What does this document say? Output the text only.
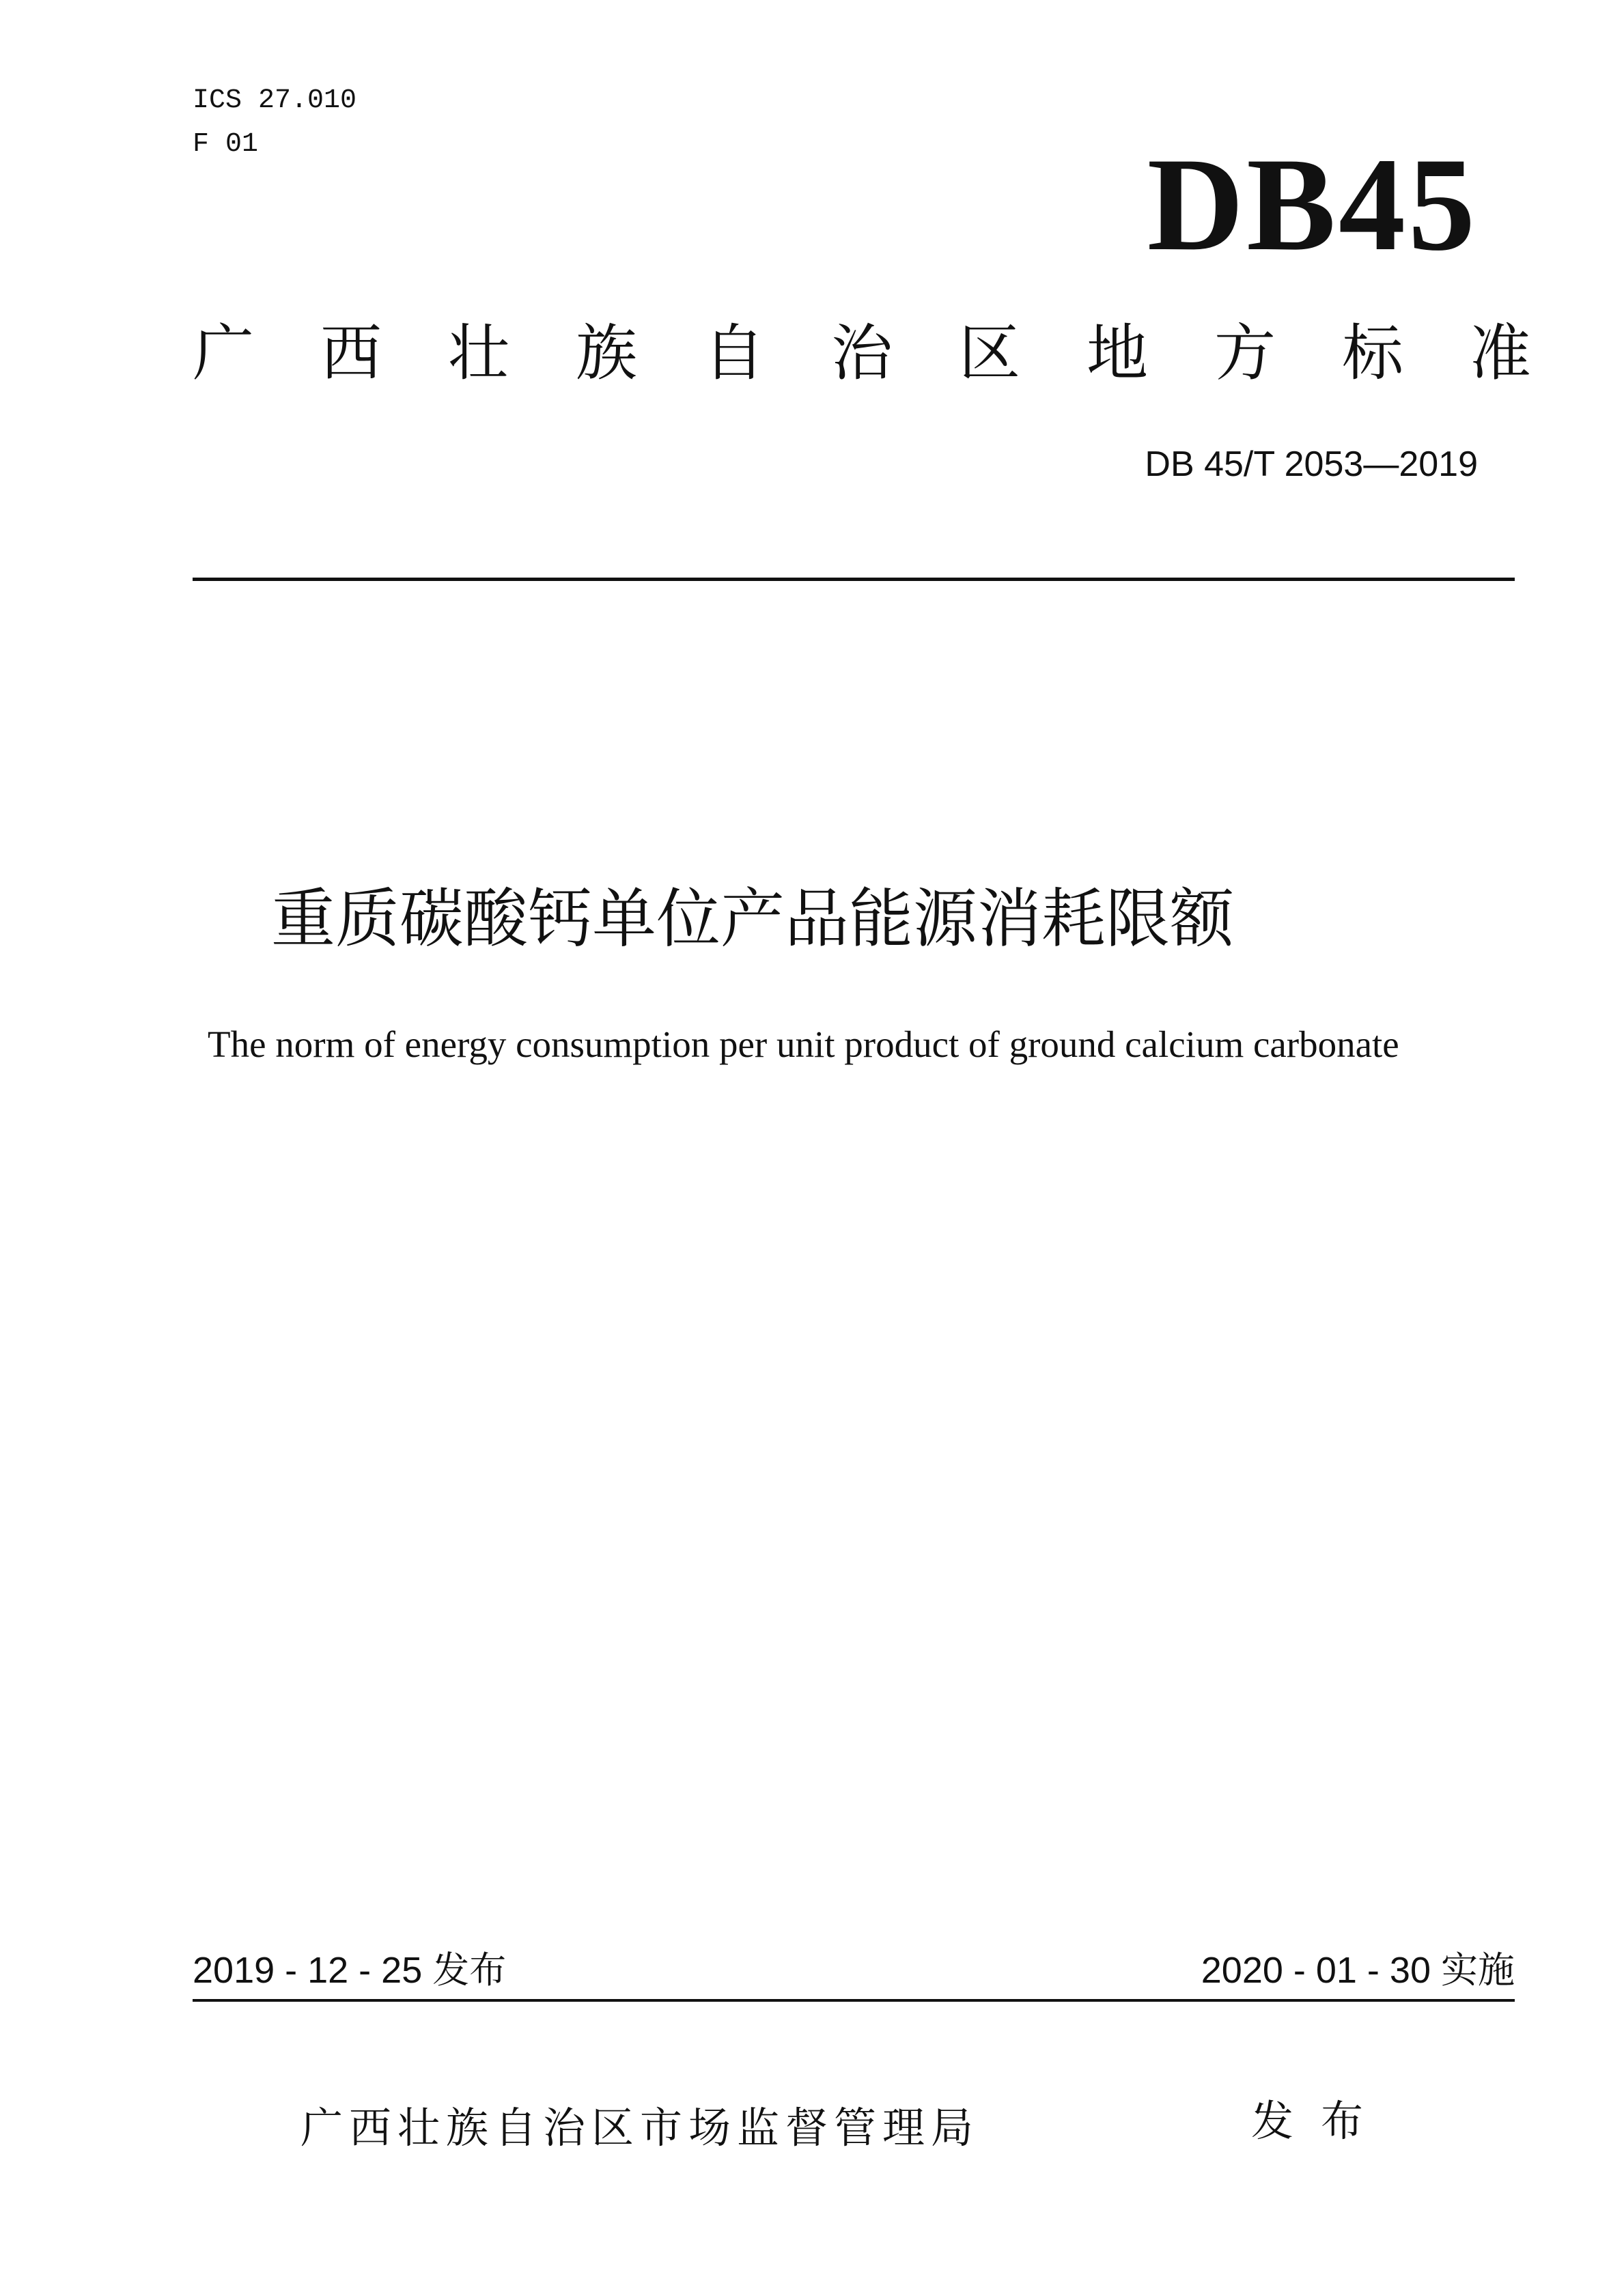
ICS 27.010
F 01	DB45
广 西 壮 族 自 治 区 地 方 标 准
DB 45/T 2053—2019
重质碳酸钙单位产品能源消耗限额
The norm of energy consumption per unit product of ground calcium carbonate
2019 - 12 - 25 发布	2020 - 01 - 30 实施
广西壮族自治区市场监督管理局	发布
